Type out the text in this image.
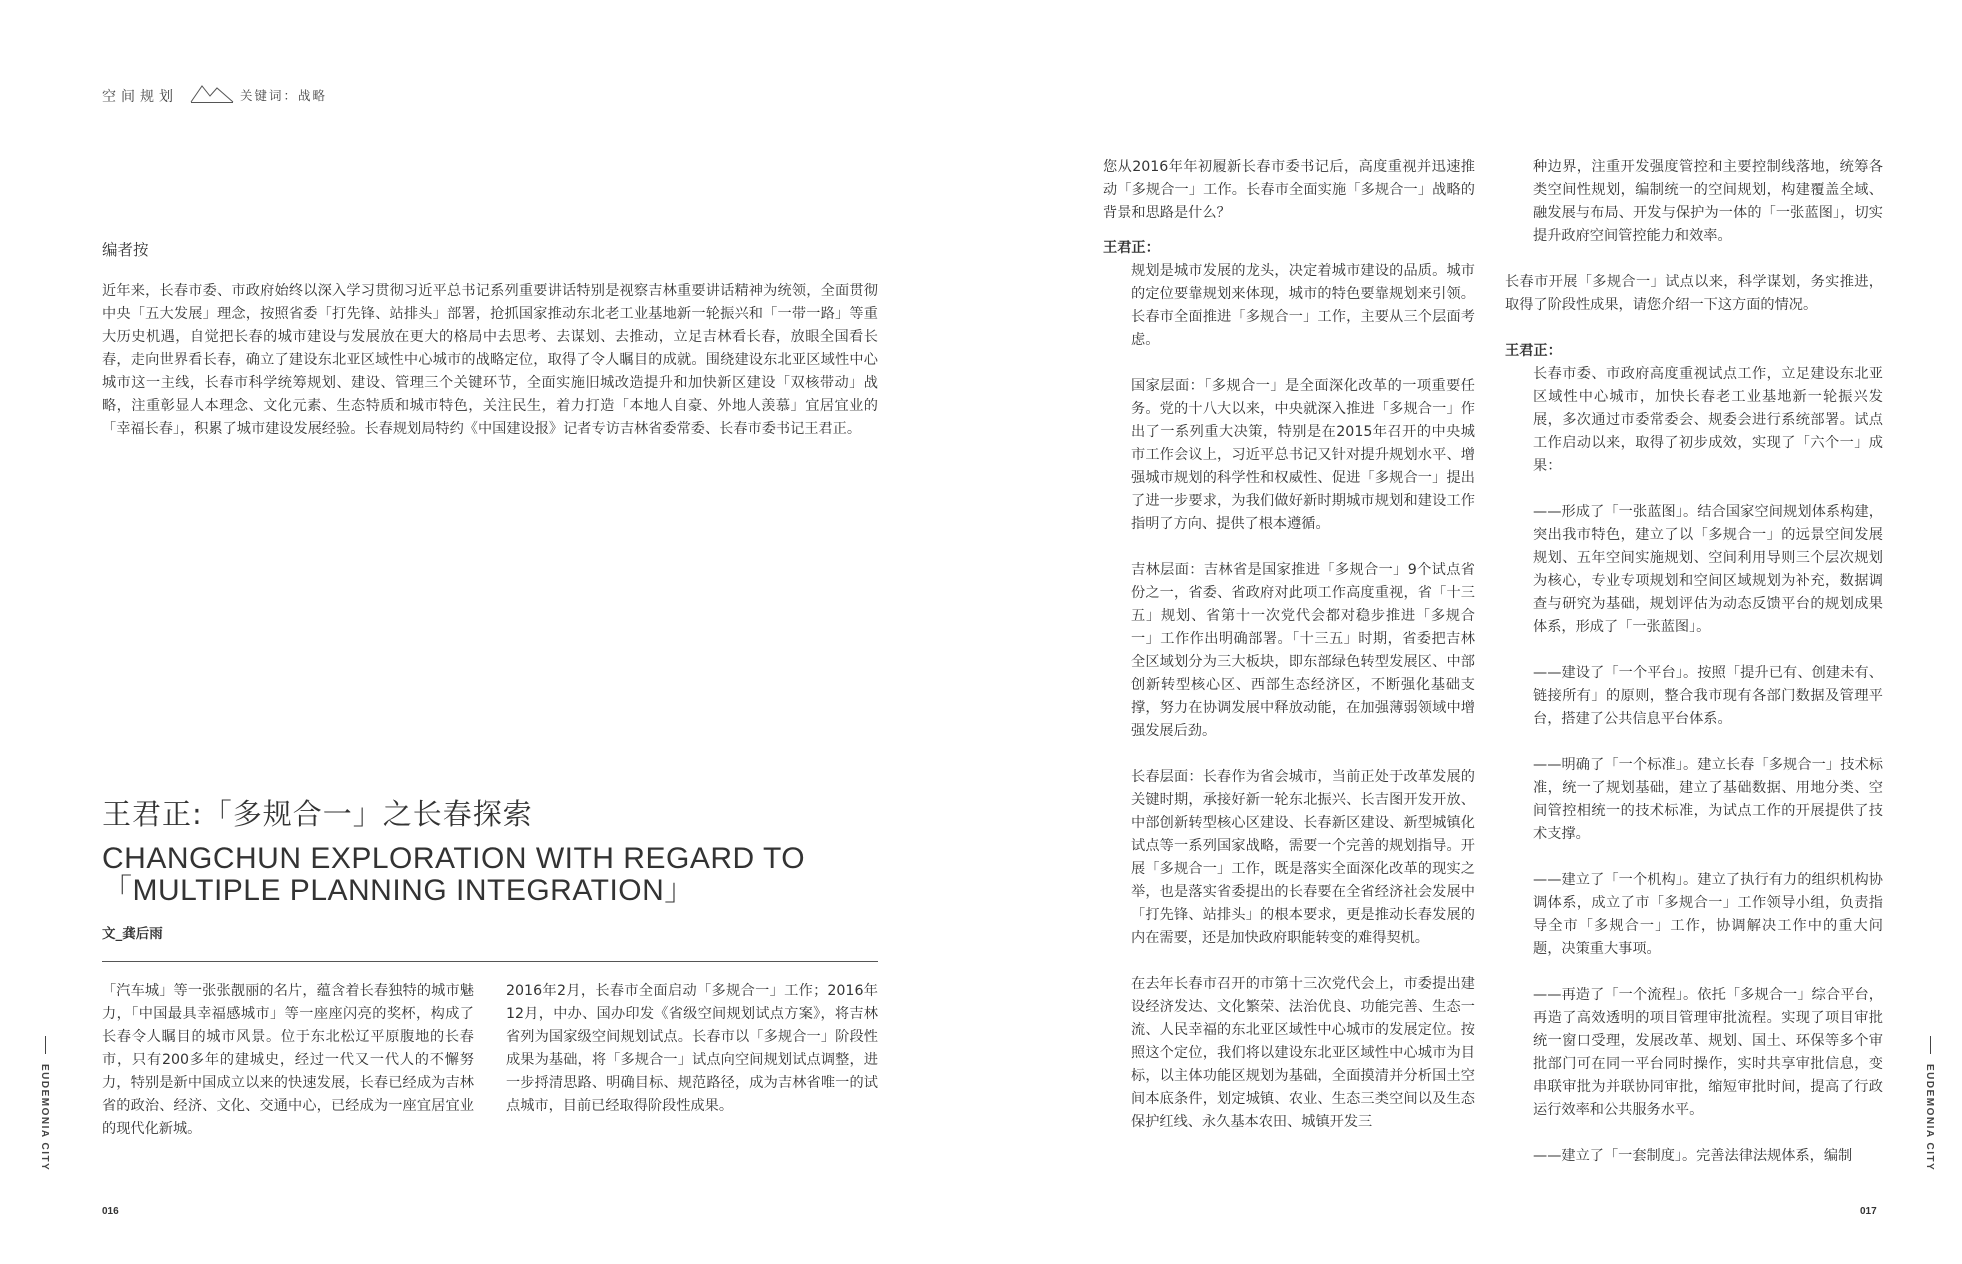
空间规划	关键词：战略
编者按

近年来，长春市委、市政府始终以深入学习贯彻习近平总书记系列重要讲话特别是视察吉林重要讲话精神为统领，全面贯彻中央「五大发展」理念，按照省委「打先锋、站排头」部署，抢抓国家推动东北老工业基地新一轮振兴和「一带一路」等重大历史机遇，自觉把长春的城市建设与发展放在更大的格局中去思考、去谋划、去推动，立足吉林看长春，放眼全国看长春，走向世界看长春，确立了建设东北亚区域性中心城市的战略定位，取得了令人瞩目的成就。围绕建设东北亚区域性中心城市这一主线，长春市科学统筹规划、建设、管理三个关键环节，全面实施旧城改造提升和加快新区建设「双核带动」战略，注重彰显人本理念、文化元素、生态特质和城市特色，关注民生，着力打造「本地人自豪、外地人羡慕」宜居宜业的「幸福长春」，积累了城市建设发展经验。长春规划局特约《中国建设报》记者专访吉林省委常委、长春市委书记王君正。

王君正:「多规合一」之长春探索
CHANGCHUN EXPLORATION WITH REGARD TO
「MULTIPLE PLANNING INTEGRATION」
文_龚后雨

「汽车城」等一张张靓丽的名片，蕴含着长春独特的城市魅力，「中国最具幸福感城市」等一座座闪亮的奖杯，构成了长春令人瞩目的城市风景。位于东北松辽平原腹地的长春市，只有200多年的建城史，经过一代又一代人的不懈努力，特别是新中国成立以来的快速发展，长春已经成为吉林省的政治、经济、文化、交通中心，已经成为一座宜居宜业的现代化新城。

2016年2月，长春市全面启动「多规合一」工作；2016年12月，中办、国办印发《省级空间规划试点方案》，将吉林省列为国家级空间规划试点。长春市以「多规合一」阶段性成果为基础，将「多规合一」试点向空间规划试点调整，进一步捋清思路、明确目标、规范路径，成为吉林省唯一的试点城市，目前已经取得阶段性成果。

您从2016年年初履新长春市委书记后，高度重视并迅速推动「多规合一」工作。长春市全面实施「多规合一」战略的背景和思路是什么？

王君正：

规划是城市发展的龙头，决定着城市建设的品质。城市的定位要靠规划来体现，城市的特色要靠规划来引领。长春市全面推进「多规合一」工作，主要从三个层面考虑。

国家层面：「多规合一」是全面深化改革的一项重要任务。党的十八大以来，中央就深入推进「多规合一」作出了一系列重大决策，特别是在2015年召开的中央城市工作会议上，习近平总书记又针对提升规划水平、增强城市规划的科学性和权威性、促进「多规合一」提出了进一步要求，为我们做好新时期城市规划和建设工作指明了方向、提供了根本遵循。

吉林层面：吉林省是国家推进「多规合一」9个试点省份之一，省委、省政府对此项工作高度重视，省「十三五」规划、省第十一次党代会都对稳步推进「多规合一」工作作出明确部署。「十三五」时期，省委把吉林全区域划分为三大板块，即东部绿色转型发展区、中部创新转型核心区、西部生态经济区，不断强化基础支撑，努力在协调发展中释放动能，在加强薄弱领域中增强发展后劲。

长春层面：长春作为省会城市，当前正处于改革发展的关键时期，承接好新一轮东北振兴、长吉图开发开放、中部创新转型核心区建设、长春新区建设、新型城镇化试点等一系列国家战略，需要一个完善的规划指导。开展「多规合一」工作，既是落实全面深化改革的现实之举，也是落实省委提出的长春要在全省经济社会发展中「打先锋、站排头」的根本要求，更是推动长春发展的内在需要，还是加快政府职能转变的难得契机。

在去年长春市召开的市第十三次党代会上，市委提出建设经济发达、文化繁荣、法治优良、功能完善、生态一流、人民幸福的东北亚区域性中心城市的发展定位。按照这个定位，我们将以建设东北亚区域性中心城市为目标，以主体功能区规划为基础，全面摸清并分析国土空间本底条件，划定城镇、农业、生态三类空间以及生态保护红线、永久基本农田、城镇开发三

种边界，注重开发强度管控和主要控制线落地，统筹各类空间性规划，编制统一的空间规划，构建覆盖全域、融发展与布局、开发与保护为一体的「一张蓝图」，切实提升政府空间管控能力和效率。

长春市开展「多规合一」试点以来，科学谋划，务实推进，取得了阶段性成果，请您介绍一下这方面的情况。

王君正：

长春市委、市政府高度重视试点工作，立足建设东北亚区域性中心城市，加快长春老工业基地新一轮振兴发展，多次通过市委常委会、规委会进行系统部署。试点工作启动以来，取得了初步成效，实现了「六个一」成果：

——形成了「一张蓝图」。结合国家空间规划体系构建，突出我市特色，建立了以「多规合一」的远景空间发展规划、五年空间实施规划、空间利用导则三个层次规划为核心，专业专项规划和空间区域规划为补充，数据调查与研究为基础，规划评估为动态反馈平台的规划成果体系，形成了「一张蓝图」。

——建设了「一个平台」。按照「提升已有、创建未有、链接所有」的原则，整合我市现有各部门数据及管理平台，搭建了公共信息平台体系。

——明确了「一个标准」。建立长春「多规合一」技术标准，统一了规划基础，建立了基础数据、用地分类、空间管控相统一的技术标准，为试点工作的开展提供了技术支撑。

——建立了「一个机构」。建立了执行有力的组织机构协调体系，成立了市「多规合一」工作领导小组，负责指导全市「多规合一」工作，协调解决工作中的重大问题，决策重大事项。

——再造了「一个流程」。依托「多规合一」综合平台，再造了高效透明的项目管理审批流程。实现了项目审批统一窗口受理，发展改革、规划、国土、环保等多个审批部门可在同一平台同时操作，实时共享审批信息，变串联审批为并联协同审批，缩短审批时间，提高了行政运行效率和公共服务水平。

——建立了「一套制度」。完善法律法规体系，编制

EUDEMONIA CITY	EUDEMONIA CITY
016	017
